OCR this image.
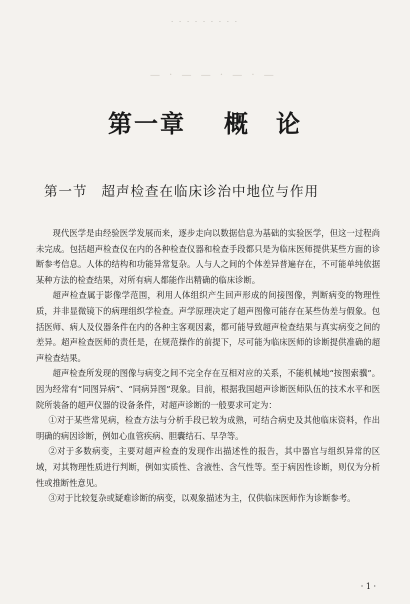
- - - - - - - - -
— · — — · — · —
第一章 概　论
第一节 超声检查在临床诊治中地位与作用

现代医学是由经验医学发展而来，逐步走向以数据信息为基础的实验医学，但这一过程尚未完成。包括超声检查仪在内的各种检查仪器和检查手段都只是为临床医师提供某些方面的诊断参考信息。人体的结构和功能异常复杂。人与人之间的个体差异普遍存在，不可能单纯依据某种方法的检查结果，对所有病人都能作出精确的临床诊断。

超声检查属于影像学范围，利用人体组织产生回声形成的间接图像，判断病变的物理性质，并非显微镜下的病理组织学检查。声学原理决定了超声图像可能存在某些伪差与假象。包括医师、病人及仪器条件在内的各种主客观因素，都可能导致超声检查结果与真实病变之间的差异。超声检查医师的责任是，在规范操作的前提下，尽可能为临床医师的诊断提供准确的超声检查结果。

超声检查所发现的图像与病变之间不完全存在互相对应的关系，不能机械地“按图索骥”。因为经常有“同图异病”、“同病异图”现象。目前，根据我国超声诊断医师队伍的技术水平和医院所装备的超声仪器的设备条件，对超声诊断的一般要求可定为：

①对于某些常见病，检查方法与分析手段已较为成熟，可结合病史及其他临床资料，作出明确的病因诊断，例如心血管疾病、胆囊结石、早孕等。

②对于多数病变，主要对超声检查的发现作出描述性的报告，其中器官与组织异常的区域，对其物理性质进行判断，例如实质性、含液性、含气性等。至于病因性诊断，则仅为分析性或推断性意见。

③对于比较复杂或疑难诊断的病变，以观象描述为主，仅供临床医师作为诊断参考。

· 1 ·
